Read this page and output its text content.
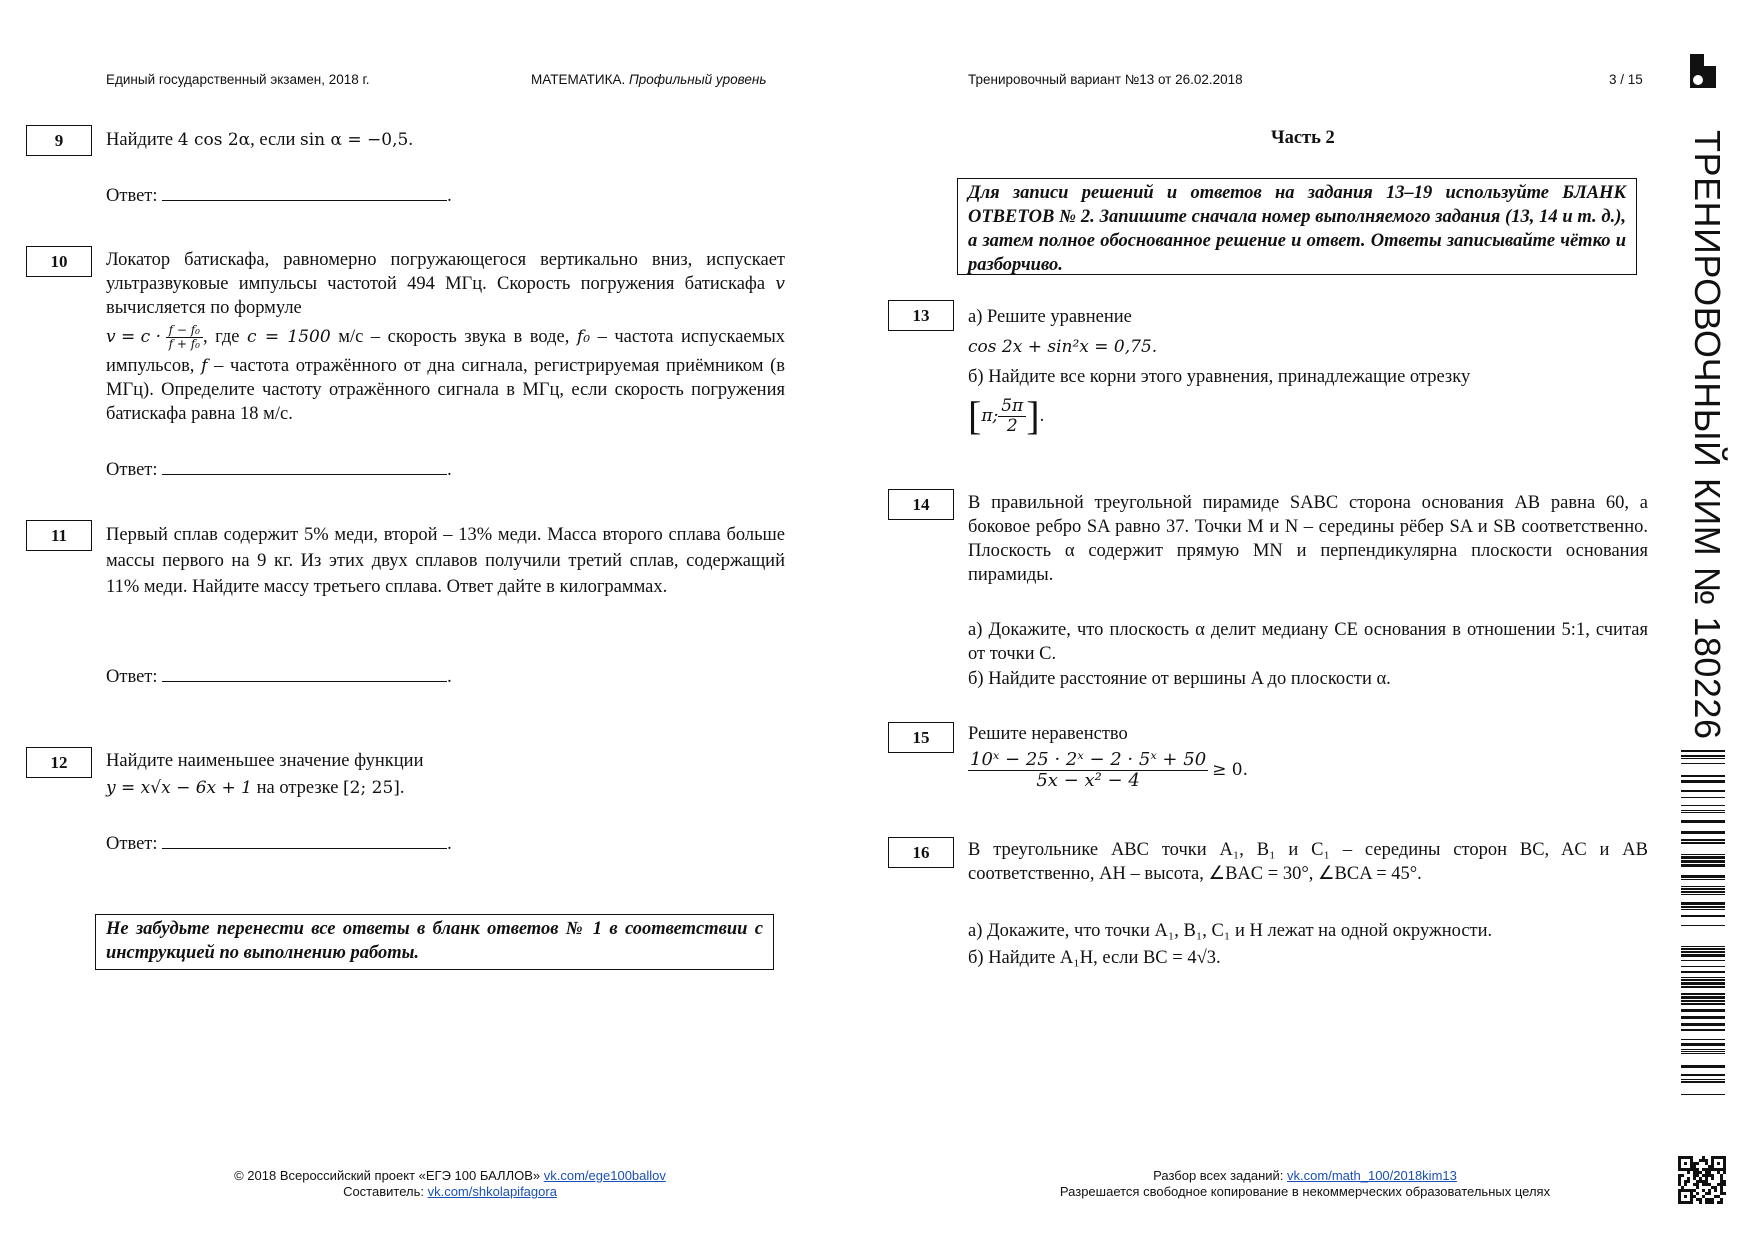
Единый государственный экзамен, 2018 г.	МАТЕМАТИКА. Профильный уровень	Тренировочный вариант №13 от 26.02.2018	3 / 15
ТРЕНИРОВОЧНЫЙ КИМ № 180226
9	Найдите 4 cos 2α, если sin α = −0,5.
Ответ:	.
10	Локатор батискафа, равномерно погружающегося вертикально вниз, испускает ультразвуковые импульсы частотой 494 МГц. Скорость погружения батискафа v вычисляется по формуле
$v = c \cdot \frac{\text{f − f₀}}{\text{f + f₀}}$ , где c = 1500 м/с – скорость звука в воде, f₀ – частота испускаемых импульсов, f – частота отражённого от дна сигнала, регистрируемая приёмником (в МГц). Определите частоту отражённого сигнала в МГц, если скорость погружения батискафа равна 18 м/с.
Ответ:	.
11	Первый сплав содержит 5% меди, второй – 13% меди. Масса второго сплава больше массы первого на 9 кг. Из этих двух сплавов получили третий сплав, содержащий 11% меди. Найдите массу третьего сплава. Ответ дайте в килограммах.
Ответ:	.
12	Найдите наименьшее значение функции
y = x√x − 6x + 1 на отрезке [2; 25].
Ответ:	.
Не забудьте перенести все ответы в бланк ответов № 1 в соответствии с инструкцией по выполнению работы.
Часть 2
Для записи решений и ответов на задания 13–19 используйте БЛАНК ОТВЕТОВ № 2. Запишите сначала номер выполняемого задания (13, 14 и т. д.), а затем полное обоснованное решение и ответ. Ответы записывайте чётко и разборчиво.
13	а) Решите уравнение
cos 2x + sin²x = 0,75.
б) Найдите все корни этого уравнения, принадлежащие отрезку

[ π; $\frac{5\pi}{2}$ ] .
14	В правильной треугольной пирамиде SABC сторона основания AB равна 60, а боковое ребро SA равно 37. Точки M и N – середины рёбер SA и SB соответственно. Плоскость α содержит прямую MN и перпендикулярна плоскости основания пирамиды.
а) Докажите, что плоскость α делит медиану CE основания в отношении 5:1, считая от точки C.
б) Найдите расстояние от вершины A до плоскости α.
15	Решите неравенство
$\frac{\text{10ˣ − 25 · 2ˣ − 2 · 5ˣ + 50}}{\text{5x − x² − 4}} \ge 0$.
16	В треугольнике ABC точки A₁, B₁ и C₁ – середины сторон BC, AC и AB соответственно, AH – высота, ∠BAC = 30°, ∠BCA = 45°.
а) Докажите, что точки A₁, B₁, C₁ и H лежат на одной окружности.
б) Найдите A₁H, если BC = 4√3.
© 2018 Всероссийский проект «ЕГЭ 100 БАЛЛОВ» vk.com/ege100ballov
Составитель: vk.com/shkolapifagora
Разбор всех заданий: vk.com/math_100/2018kim13
Разрешается свободное копирование в некоммерческих образовательных целях
